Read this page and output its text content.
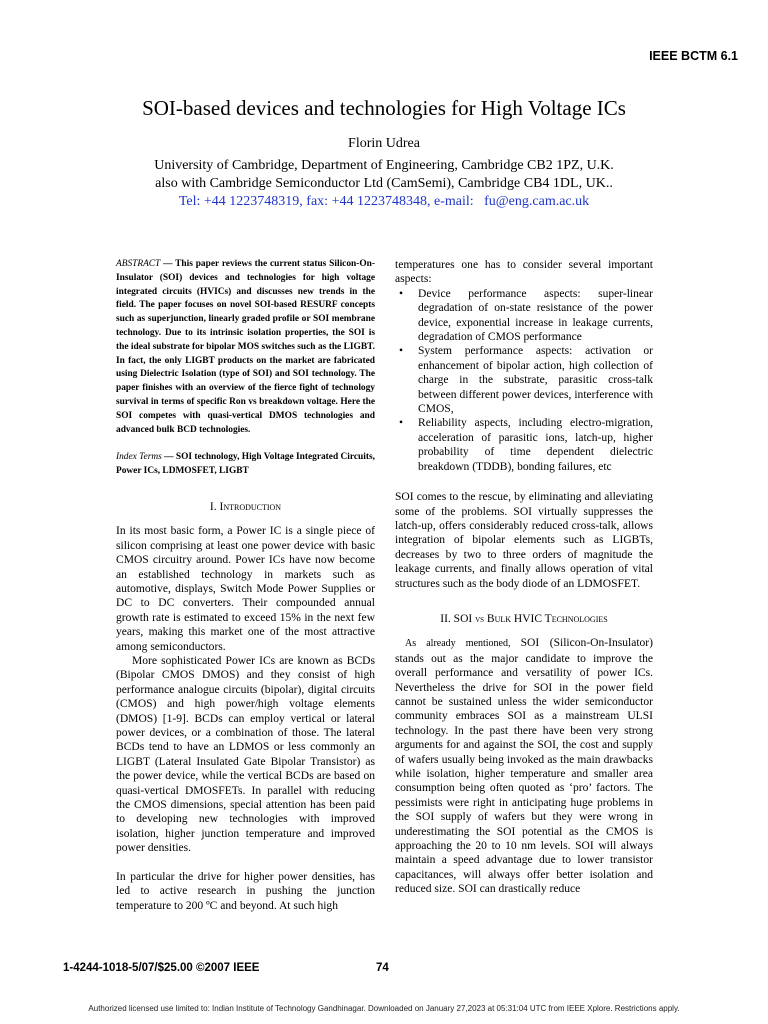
IEEE BCTM 6.1
SOI-based devices and technologies for High Voltage ICs
Florin Udrea
University of Cambridge, Department of Engineering, Cambridge CB2 1PZ, U.K.
also with Cambridge Semiconductor Ltd (CamSemi), Cambridge CB4 1DL, UK..
Tel: +44 1223748319, fax: +44 1223748348, e-mail:   fu@eng.cam.ac.uk

ABSTRACT — This paper reviews the current status Silicon-On-Insulator (SOI) devices and technologies for high voltage integrated circuits (HVICs) and discusses new trends in the field. The paper focuses on novel SOI-based RESURF concepts such as superjunction, linearly graded profile or SOI membrane technology. Due to its intrinsic isolation properties, the SOI is the ideal substrate for bipolar MOS switches such as the LIGBT. In fact, the only LIGBT products on the market are fabricated using Dielectric Isolation (type of SOI) and SOI technology. The paper finishes with an overview of the fierce fight of technology survival in terms of specific Ron vs breakdown voltage. Here the SOI competes with quasi-vertical DMOS technologies and advanced bulk BCD technologies.

Index Terms — SOI technology, High Voltage Integrated Circuits, Power ICs, LDMOSFET, LIGBT

I. Introduction

In its most basic form, a Power IC is a single piece of silicon comprising at least one power device with basic CMOS circuitry around. Power ICs have now become an established technology in markets such as automotive, displays, Switch Mode Power Supplies or DC to DC converters. Their compounded annual growth rate is estimated to exceed 15% in the next few years, making this market one of the most attractive among semiconductors.

More sophisticated Power ICs are known as BCDs (Bipolar CMOS DMOS) and they consist of high performance analogue circuits (bipolar), digital circuits (CMOS) and high power/high voltage elements (DMOS) [1-9]. BCDs can employ vertical or lateral power devices, or a combination of those. The lateral BCDs tend to have an LDMOS or less commonly an LIGBT (Lateral Insulated Gate Bipolar Transistor) as the power device, while the vertical BCDs are based on quasi-vertical DMOSFETs. In parallel with reducing the CMOS dimensions, special attention has been paid to developing new technologies with improved isolation, higher junction temperature and improved power densities.

In particular the drive for higher power densities, has led to active research in pushing the junction temperature to 200 ºC and beyond. At such high

temperatures one has to consider several important aspects:

• Device performance aspects: super-linear degradation of on-state resistance of the power device, exponential increase in leakage currents, degradation of CMOS performance
• System performance aspects: activation or enhancement of bipolar action, high collection of charge in the substrate, parasitic cross-talk between different power devices, interference with CMOS,
• Reliability aspects, including electro-migration, acceleration of parasitic ions, latch-up, higher probability of time dependent dielectric breakdown (TDDB), bonding failures, etc

SOI comes to the rescue, by eliminating and alleviating some of the problems. SOI virtually suppresses the latch-up, offers considerably reduced cross-talk, allows integration of bipolar elements such as LIGBTs, decreases by two to three orders of magnitude the leakage currents, and finally allows operation of vital structures such as the body diode of an LDMOSFET.

II. SOI vs Bulk HVIC Technologies

As already mentioned, SOI (Silicon-On-Insulator) stands out as the major candidate to improve the overall performance and versatility of power ICs. Nevertheless the drive for SOI in the power field cannot be sustained unless the wider semiconductor community embraces SOI as a mainstream ULSI technology. In the past there have been very strong arguments for and against the SOI, the cost and supply of wafers usually being invoked as the main drawbacks while isolation, higher temperature and smaller area consumption being often quoted as ‘pro’ factors. The pessimists were right in anticipating huge problems in the SOI supply of wafers but they were wrong in underestimating the SOI potential as the CMOS is approaching the 20 to 10 nm levels. SOI will always maintain a speed advantage due to lower transistor capacitances, will always offer better isolation and reduced size. SOI can drastically reduce

1-4244-1018-5/07/$25.00 ©2007 IEEE	74
Authorized licensed use limited to: Indian Institute of Technology Gandhinagar. Downloaded on January 27,2023 at 05:31:04 UTC from IEEE Xplore. Restrictions apply.
